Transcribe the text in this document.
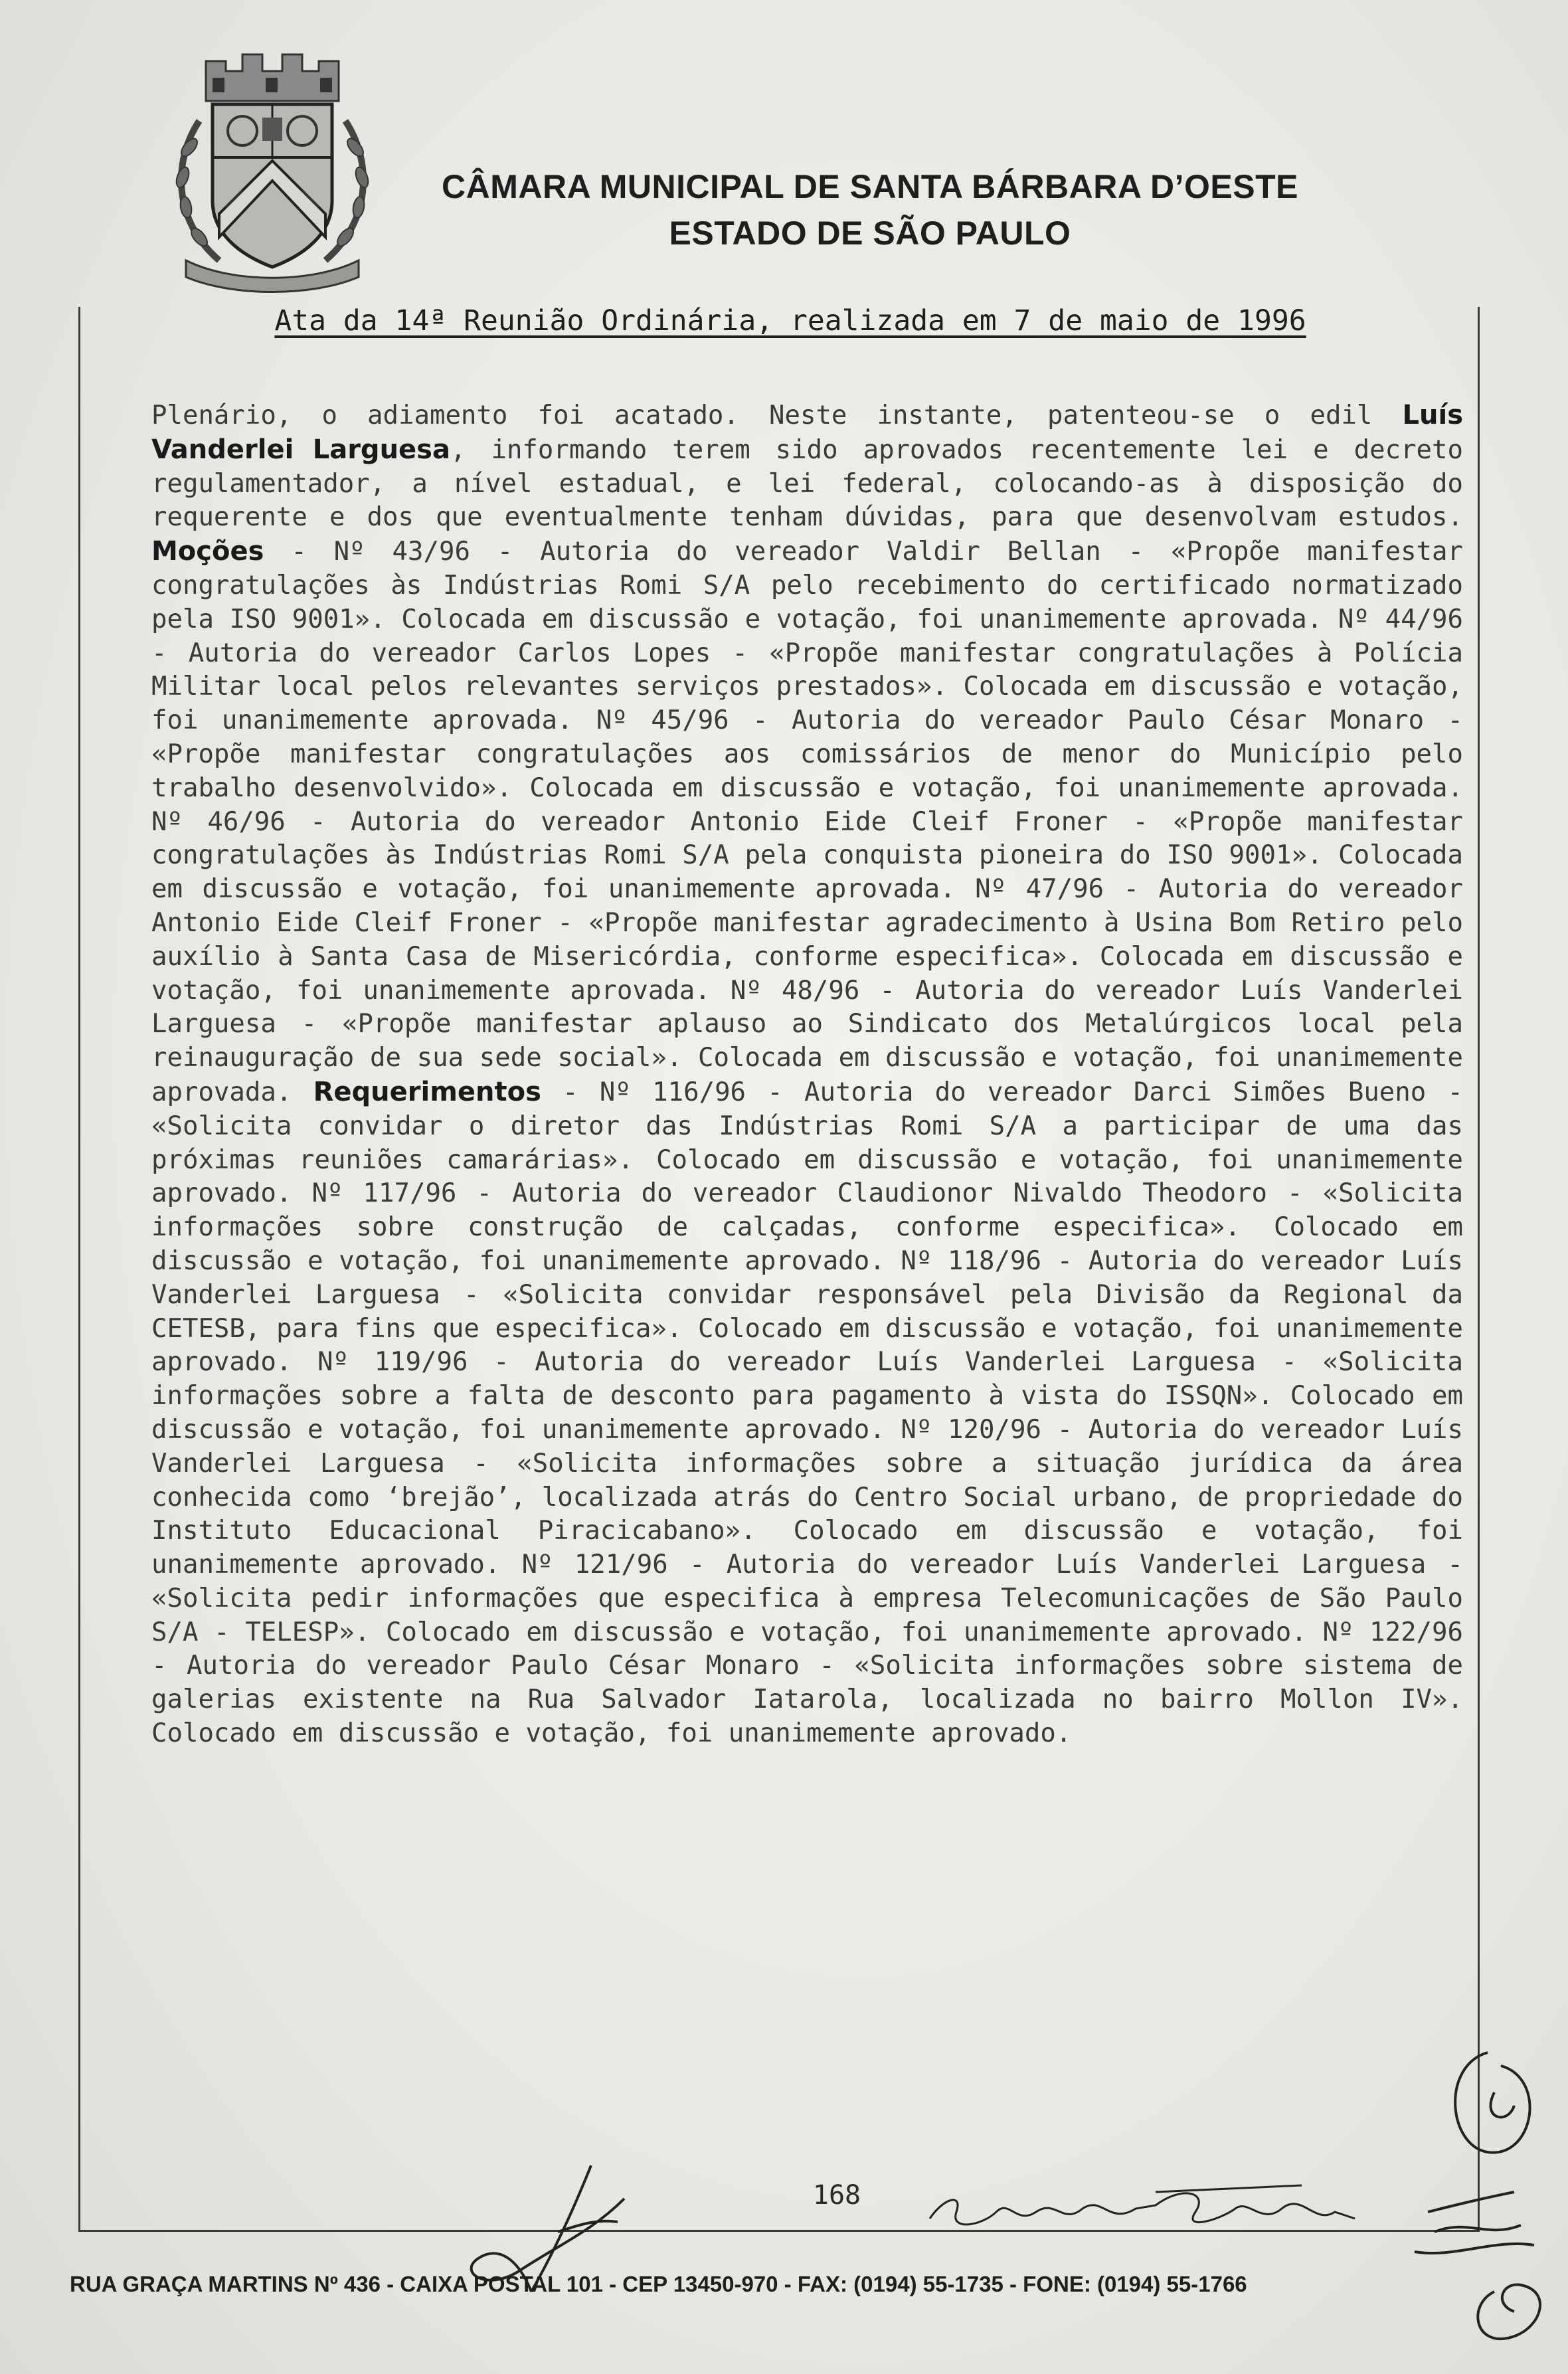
CÂMARA MUNICIPAL DE SANTA BÁRBARA D’OESTE
ESTADO DE SÃO PAULO
Ata da 14ª Reunião Ordinária, realizada em 7 de maio de 1996

Plenário, o adiamento foi acatado. Neste instante, patenteou-se o edil Luís Vanderlei Larguesa, informando terem sido aprovados recentemente lei e decreto regulamentador, a nível estadual, e lei federal, colocando-as à disposição do requerente e dos que eventualmente tenham dúvidas, para que desenvolvam estudos. Moções - Nº 43/96 - Autoria do vereador Valdir Bellan - «Propõe manifestar congratulações às Indústrias Romi S/A pelo recebimento do certificado normatizado pela ISO 9001». Colocada em discussão e votação, foi unanimemente aprovada. Nº 44/96 - Autoria do vereador Carlos Lopes - «Propõe manifestar congratulações à Polícia Militar local pelos relevantes serviços prestados». Colocada em discussão e votação, foi unanimemente aprovada. Nº 45/96 - Autoria do vereador Paulo César Monaro - «Propõe manifestar congratulações aos comissários de menor do Município pelo trabalho desenvolvido». Colocada em discussão e votação, foi unanimemente aprovada. Nº 46/96 - Autoria do vereador Antonio Eide Cleif Froner - «Propõe manifestar congratulações às Indústrias Romi S/A pela conquista pioneira do ISO 9001». Colocada em discussão e votação, foi unanimemente aprovada. Nº 47/96 - Autoria do vereador Antonio Eide Cleif Froner - «Propõe manifestar agradecimento à Usina Bom Retiro pelo auxílio à Santa Casa de Misericórdia, conforme especifica». Colocada em discussão e votação, foi unanimemente aprovada. Nº 48/96 - Autoria do vereador Luís Vanderlei Larguesa - «Propõe manifestar aplauso ao Sindicato dos Metalúrgicos local pela reinauguração de sua sede social». Colocada em discussão e votação, foi unanimemente aprovada. Requerimentos - Nº 116/96 - Autoria do vereador Darci Simões Bueno - «Solicita convidar o diretor das Indústrias Romi S/A a participar de uma das próximas reuniões camarárias». Colocado em discussão e votação, foi unanimemente aprovado. Nº 117/96 - Autoria do vereador Claudionor Nivaldo Theodoro - «Solicita informações sobre construção de calçadas, conforme especifica». Colocado em discussão e votação, foi unanimemente aprovado. Nº 118/96 - Autoria do vereador Luís Vanderlei Larguesa - «Solicita convidar responsável pela Divisão da Regional da CETESB, para fins que especifica». Colocado em discussão e votação, foi unanimemente aprovado. Nº 119/96 - Autoria do vereador Luís Vanderlei Larguesa - «Solicita informações sobre a falta de desconto para pagamento à vista do ISSQN». Colocado em discussão e votação, foi unanimemente aprovado. Nº 120/96 - Autoria do vereador Luís Vanderlei Larguesa - «Solicita informações sobre a situação jurídica da área conhecida como ‘brejão’, localizada atrás do Centro Social urbano, de propriedade do Instituto Educacional Piracicabano». Colocado em discussão e votação, foi unanimemente aprovado. Nº 121/96 - Autoria do vereador Luís Vanderlei Larguesa - «Solicita pedir informações que especifica à empresa Telecomunicações de São Paulo S/A - TELESP». Colocado em discussão e votação, foi unanimemente aprovado. Nº 122/96 - Autoria do vereador Paulo César Monaro - «Solicita informações sobre sistema de galerias existente na Rua Salvador Iatarola, localizada no bairro Mollon IV». Colocado em discussão e votação, foi unanimemente aprovado.

168
RUA GRAÇA MARTINS Nº 436 - CAIXA POSTAL 101 - CEP 13450-970 - FAX: (0194) 55-1735 - FONE: (0194) 55-1766
